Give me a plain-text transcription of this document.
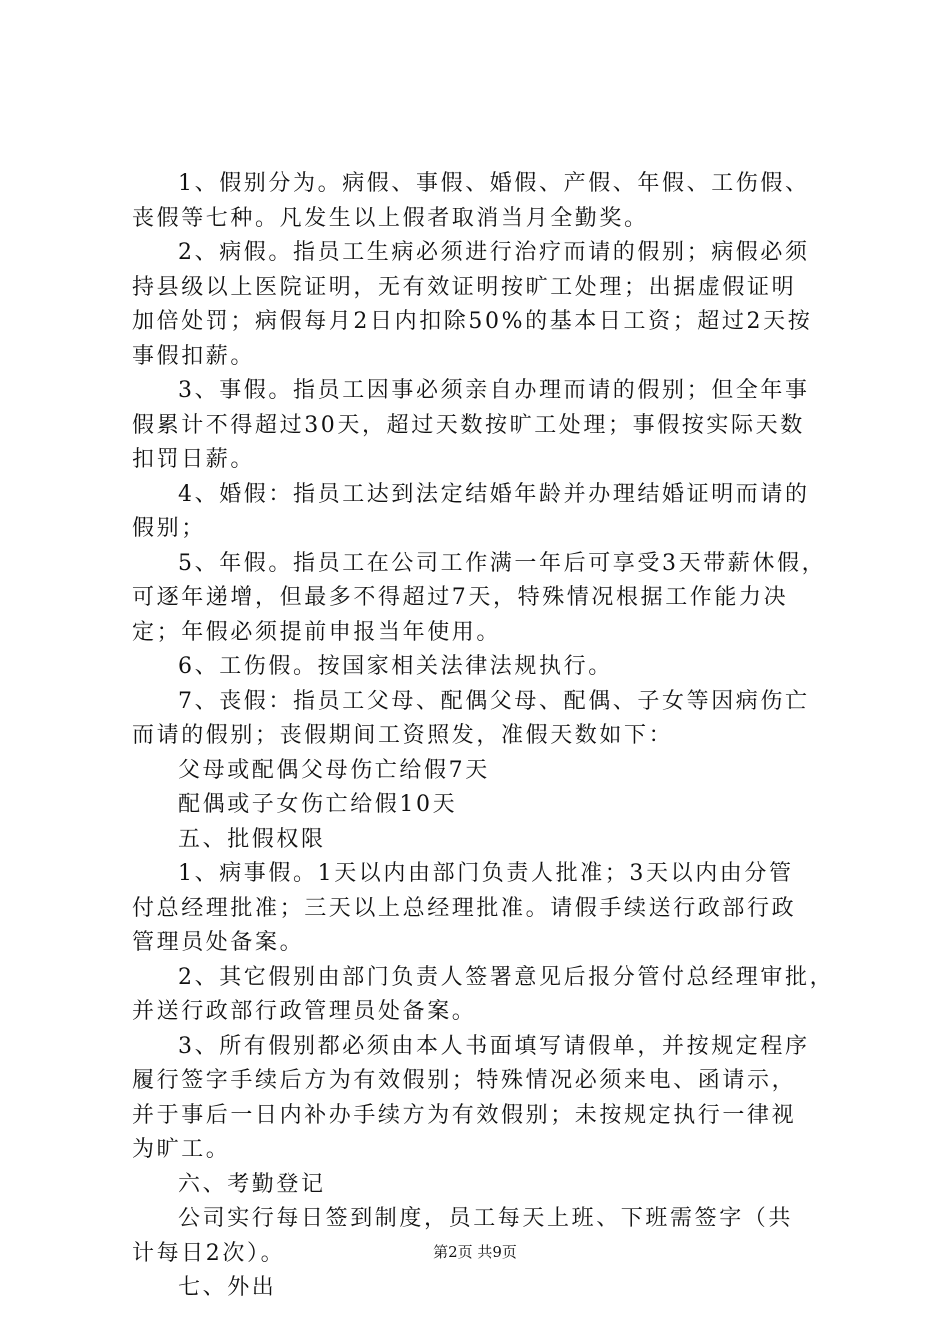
1、假别分为。病假、事假、婚假、产假、年假、工伤假、
丧假等七种。凡发生以上假者取消当月全勤奖。
2、病假。指员工生病必须进行治疗而请的假别；病假必须
持县级以上医院证明，无有效证明按旷工处理；出据虚假证明
加倍处罚；病假每月2日内扣除50%的基本日工资；超过2天按
事假扣薪。
3、事假。指员工因事必须亲自办理而请的假别；但全年事
假累计不得超过30天，超过天数按旷工处理；事假按实际天数
扣罚日薪。
4、婚假：指员工达到法定结婚年龄并办理结婚证明而请的
假别；
5、年假。指员工在公司工作满一年后可享受3天带薪休假，
可逐年递增，但最多不得超过7天，特殊情况根据工作能力决
定；年假必须提前申报当年使用。
6、工伤假。按国家相关法律法规执行。
7、丧假：指员工父母、配偶父母、配偶、子女等因病伤亡
而请的假别；丧假期间工资照发，准假天数如下：
父母或配偶父母伤亡给假7天
配偶或子女伤亡给假10天
五、批假权限
1、病事假。1天以内由部门负责人批准；3天以内由分管
付总经理批准；三天以上总经理批准。请假手续送行政部行政
管理员处备案。
2、其它假别由部门负责人签署意见后报分管付总经理审批，
并送行政部行政管理员处备案。
3、所有假别都必须由本人书面填写请假单，并按规定程序
履行签字手续后方为有效假别；特殊情况必须来电、函请示，
并于事后一日内补办手续方为有效假别；未按规定执行一律视
为旷工。
六、考勤登记
公司实行每日签到制度，员工每天上班、下班需签字（共
计每日2次）。
七、外出
第2页 共9页
